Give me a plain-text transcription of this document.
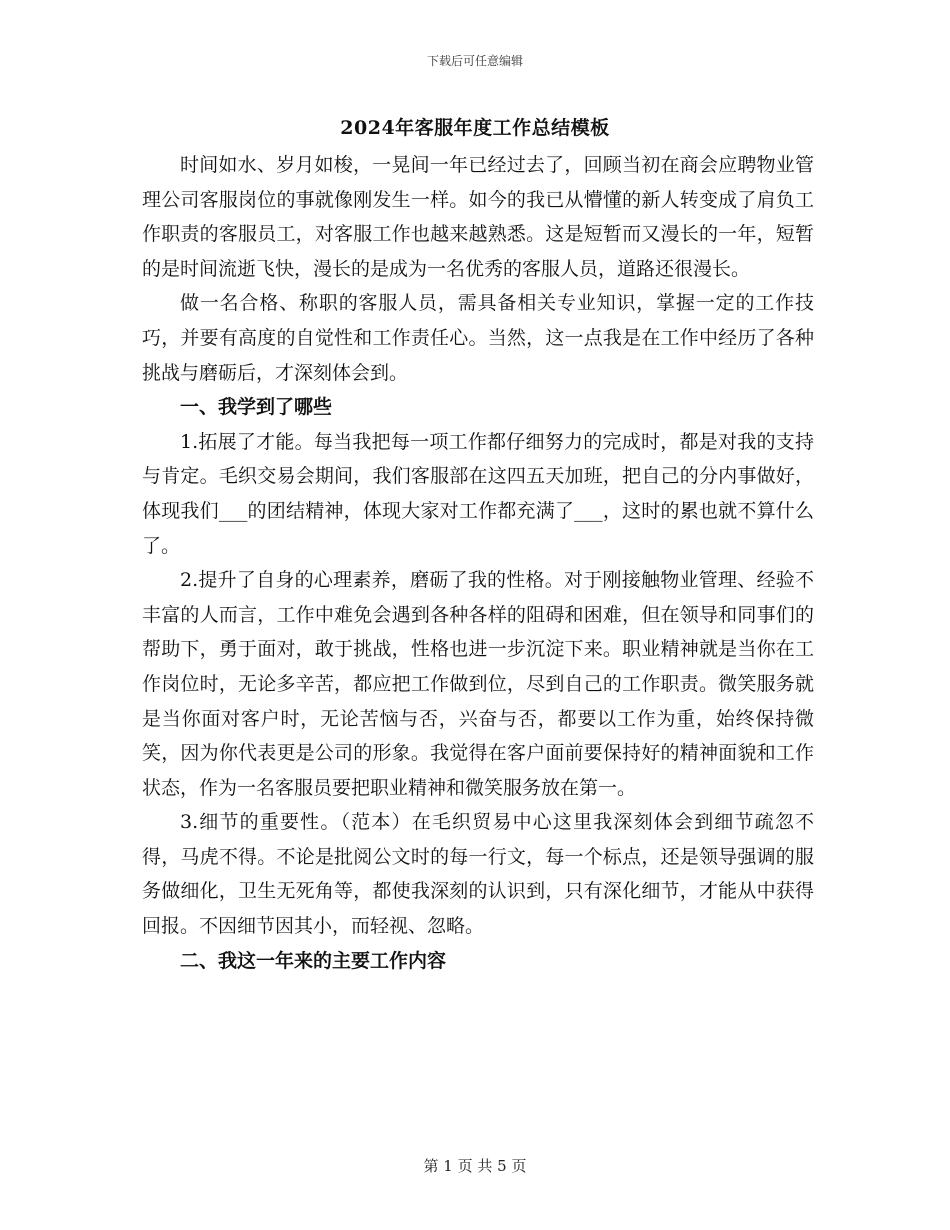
下载后可任意编辑
2024年客服年度工作总结模板

时间如水、岁月如梭，一晃间一年已经过去了，回顾当初在商会应聘物业管理公司客服岗位的事就像刚发生一样。如今的我已从懵懂的新人转变成了肩负工作职责的客服员工，对客服工作也越来越熟悉。这是短暂而又漫长的一年，短暂的是时间流逝飞快，漫长的是成为一名优秀的客服人员，道路还很漫长。

做一名合格、称职的客服人员，需具备相关专业知识，掌握一定的工作技巧，并要有高度的自觉性和工作责任心。当然，这一点我是在工作中经历了各种挑战与磨砺后，才深刻体会到。

一、我学到了哪些

1.拓展了才能。每当我把每一项工作都仔细努力的完成时，都是对我的支持与肯定。毛织交易会期间，我们客服部在这四五天加班，把自己的分内事做好，体现我们___的团结精神，体现大家对工作都充满了___，这时的累也就不算什么了。

2.提升了自身的心理素养，磨砺了我的性格。对于刚接触物业管理、经验不丰富的人而言，工作中难免会遇到各种各样的阻碍和困难，但在领导和同事们的帮助下，勇于面对，敢于挑战，性格也进一步沉淀下来。职业精神就是当你在工作岗位时，无论多辛苦，都应把工作做到位，尽到自己的工作职责。微笑服务就是当你面对客户时，无论苦恼与否，兴奋与否，都要以工作为重，始终保持微笑，因为你代表更是公司的形象。我觉得在客户面前要保持好的精神面貌和工作状态，作为一名客服员要把职业精神和微笑服务放在第一。

3.细节的重要性。（范本）在毛织贸易中心这里我深刻体会到细节疏忽不得，马虎不得。不论是批阅公文时的每一行文，每一个标点，还是领导强调的服务做细化，卫生无死角等，都使我深刻的认识到，只有深化细节，才能从中获得回报。不因细节因其小，而轻视、忽略。

二、我这一年来的主要工作内容
第 1 页 共 5 页
